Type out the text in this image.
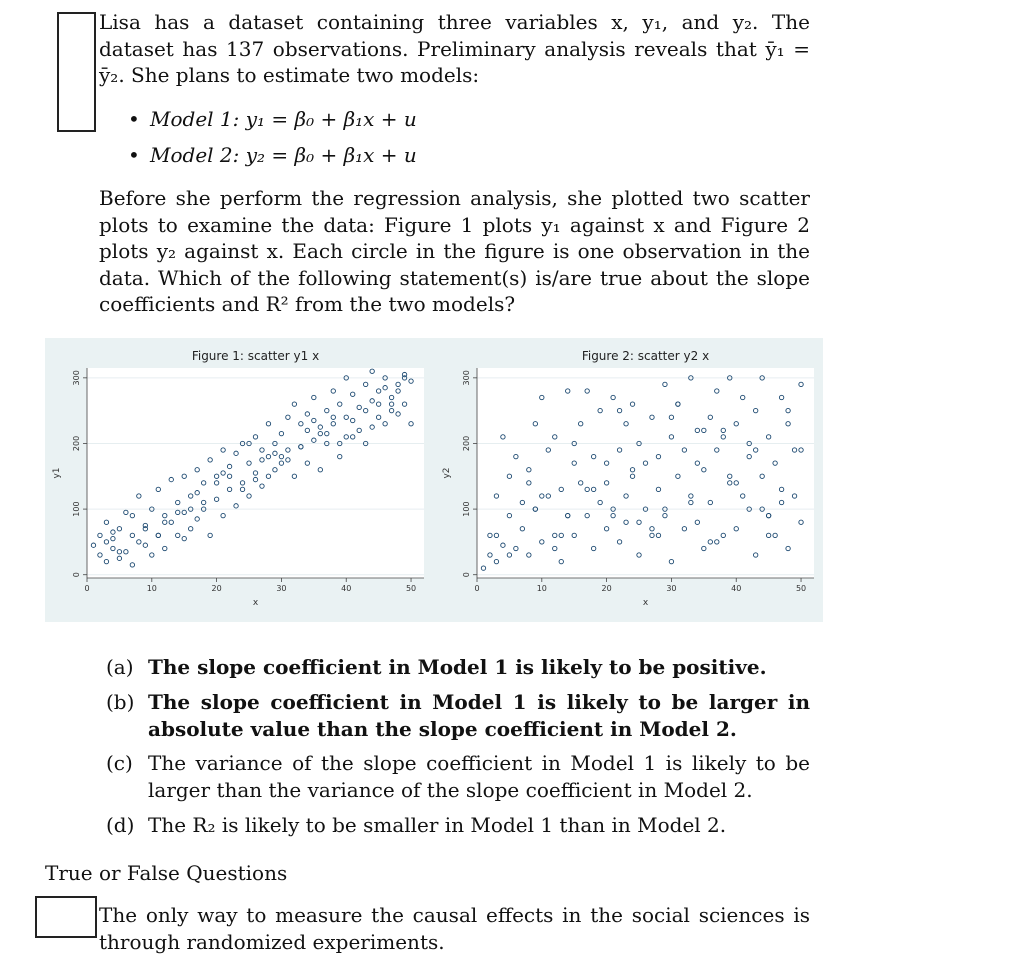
Lisa has a dataset containing three variables x, y₁, and y₂. The dataset has 137 observations. Preliminary analysis reveals that ȳ₁ = ȳ₂. She plans to estimate two models:
• Model 1: y₁ = β₀ + β₁x + u
• Model 2: y₂ = β₀ + β₁x + u
Before she perform the regression analysis, she plotted two scatter plots to examine the data: Figure 1 plots y₁ against x and Figure 2 plots y₂ against x. Each circle in the figure is one observation in the data. Which of the following statement(s) is/are true about the slope coefficients and R² from the two models?
0
100
200
300
0	10	20	30	40	50
Figure 1: scatter y1 x
x
y1
0
100
200
300
0	10	20	30	40	50
Figure 2: scatter y2 x
x
y2
(a) The slope coefficient in Model 1 is likely to be positive.
(b) The slope coefficient in Model 1 is likely to be larger in absolute value than the slope coefficient in Model 2.
(c) The variance of the slope coefficient in Model 1 is likely to be larger than the variance of the slope coefficient in Model 2.
(d) The R₂ is likely to be smaller in Model 1 than in Model 2.
True or False Questions
The only way to measure the causal effects in the social sciences is through randomized experiments.
